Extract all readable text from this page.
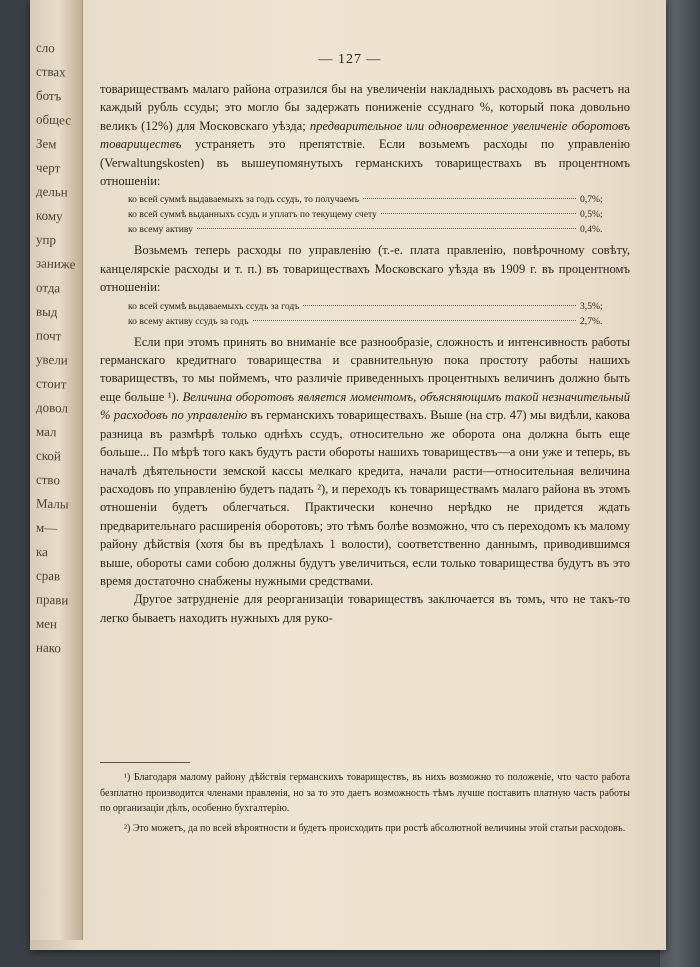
сло
ствах
ботъ
общес
Зем
черт
дельн
кому
упр
заниже
отда
выд
почт
увели
стоит
довол
мал
ской
ство
Малы
м—
ка
срав
прави
мен
нако
— 127 —

товариществамъ малаго района отразился бы на увеличеніи накладныхъ расходовъ въ расчетъ на каждый рубль ссуды; это могло бы задержать пониженіе ссуднаго %, который пока довольно великъ (12%) для Московскаго уѣзда; предварительное или одновременное увеличеніе оборотовъ товариществъ устраняетъ это препятствіе. Если возьмемъ расходы по управленію (Verwaltungskosten) въ вышеупомянутыхъ германскихъ товариществахъ въ процентномъ отношеніи:

ко всей суммѣ выдаваемыхъ за годъ ссудъ, то получаемъ	0,7%;
ко всей суммѣ выданныхъ ссудъ и уплатъ по текущему счету	0,5%;
ко всему активу	0,4%.

Возьмемъ теперь расходы по управленію (т.-е. плата правленію, повѣрочному совѣту, канцелярскіе расходы и т. п.) въ товариществахъ Московскаго уѣзда въ 1909 г. въ процентномъ отношеніи:

ко всей суммѣ выдаваемыхъ ссудъ за годъ	3,5%;
ко всему активу ссудъ за годъ	2,7%.

Если при этомъ принять во вниманіе все разнообразіе, сложность и интенсивность работы германскаго кредитнаго товарищества и сравнительную пока простоту работы нашихъ товариществъ, то мы поймемъ, что различіе приведенныхъ процентныхъ величинъ должно быть еще больше ¹). Величина оборотовъ является моментомъ, объясняющимъ такой незначительный % расходовъ по управленію въ германскихъ товариществахъ. Выше (на стр. 47) мы видѣли, какова разница въ размѣрѣ только однѣхъ ссудъ, относительно же оборота она должна быть еще больше... По мѣрѣ того какъ будутъ расти обороты нашихъ товариществъ—а они уже и теперь, въ началѣ дѣятельности земской кассы мелкаго кредита, начали расти—относительная величина расходовъ по управленію будетъ падать ²), и переходъ къ товариществамъ малаго района въ этомъ отношеніи будетъ облегчаться. Практически конечно нерѣдко не придется ждать предварительнаго расширенія оборотовъ; это тѣмъ болѣе возможно, что съ переходомъ къ малому району дѣйствія (хотя бы въ предѣлахъ 1 волости), соответственно даннымъ, приводившимся выше, обороты сами собою должны будутъ увеличиться, если только товарищества будутъ въ это время достаточно снабжены нужными средствами.

Другое затрудненіе для реорганизаціи товариществъ заключается въ томъ, что не такъ-то легко бываетъ находить нужныхъ для руко-

¹) Благодаря малому району дѣйствія германскихъ товариществъ, въ нихъ возможно то положеніе, что часто работа безплатно производится членами правленія, но за то это даетъ возможность тѣмъ лучше поставить платную часть работы по организаціи дѣлъ, особенно бухгалтерію.

²) Это можетъ, да по всей вѣроятности и будетъ происходить при ростѣ абсолютной величины этой статьи расходовъ.
